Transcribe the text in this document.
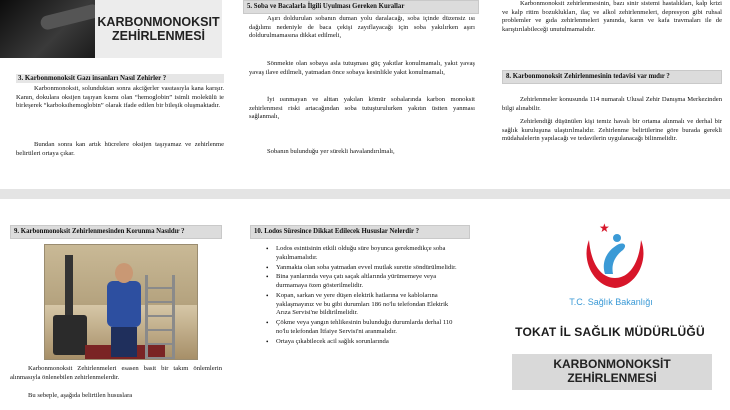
KARBONMONOKSIT
ZEHİRLENMESİ
3. Karbonmonoksit Gazı insanları Nasıl Zehirler ?

Karbonmonoksit, solunduktan sonra akciğerler vasıtasıyla kana karışır. Kanın, dokulara oksijen taşıyan kısmı olan “hemoglobin” isimli molekülü ie birleşerek “karboksihemoglobin” olarak ifade edilen bir bileşik oluşmaktadır.

Bundan sonra kan artık hücrelere oksijen taşıyamaz ve zehirlenme belirtileri ortaya çıkar.

5. Soba ve Bacalarla İlgili Uyulması Gereken Kurallar

Aşırı doldurulan sobanın duman yolu daralacağı, soba içinde düzensiz ısı dağılımı nedeniyle de baca çekişi zayıflayacağı için soba yakılırken aşırı doldurulmamasına dikkat edilmeli,

Sönmekte olan sobaya asla tutuşması güç yakıtlar konulmamalı, yakıt yavaş yavaş ilave edilmeli, yatmadan önce sobaya kesinlikle yakıt konulmamalı,

İyi ısınmayan ve alttan yakılan kömür sobalarında karbon monoksit zehirlenmesi riski artacağından soba tutuşturulurken yakıtın üstten yanması sağlanmalı,

Sobanın bulunduğu yer sürekli havalandırılmalı,

Karbonmonoksit zehirlenmesinin, bazı sinir sistemi hastalıkları, kalp krizi ve kalp ritim bozuklukları, ilaç ve alkol zehirlenmeleri, depresyon gibi ruhsal problemler ve gıda zehirlenmeleri yanında, karın ve kafa travmaları ile de karıştırılabileceği unutulmamalıdır.

8. Karbonmonoksit Zehirlenmesinin tedavisi var mıdır ?

Zehirlenmeler konusunda 114 numaralı Ulusal Zehir Danışma Merkezinden bilgi alınabilir.

Zehirlendiği düşünülen kişi temiz havalı bir ortama alınmalı ve derhal bir sağlık kuruluşuna ulaştırılmalıdır. Zehirlenme belirtilerine göre burada gerekli müdahalelerin yapılacağı ve tedavilerin uygulanacağı bilinmelidir.

9. Karbonmonoksit Zehirlenmesinden Korunma Nasıldır ?

Karbonmonoksit Zehirlenmeleri esasen basit bir takım önlemlerin alınmasıyla önlenebilen zehirlenmelerdir.

Bu sebeple, aşağıda belirtilen hususlara

10. Lodos Süresince Dikkat Edilecek Hususlar Nelerdir ?
• Lodos esintisinin etkili olduğu süre boyunca gerekmedikçe soba yakılmamalıdır.
• Yanmakta olan soba yatmadan evvel mutlak surette söndürülmelidir.
• Bina yanlarında veya çatı saçak altlarında yürümemeye veya durmamaya özen gösterilmelidir.
• Kopan, sarkan ve yere düşen elektrik hatlarına ve kablolarına yaklaşmayınız ve bu gibi durumları 186 no'lu telefondan Elektrik Arıza Servisi'ne bildirilmelidir.
• Çökme veya yangın tehlikesinin bulunduğu durumlarda derhal 110 no'lu telefondan İtfaiye Servisi'ni aranmalıdır.
• Ortaya çıkabilecek acil sağlık sorunlarında
★
T.C. Sağlık Bakanlığı
TOKAT İL SAĞLIK MÜDÜRLÜĞÜ
KARBONMONOKSİT
ZEHİRLENMESİ
